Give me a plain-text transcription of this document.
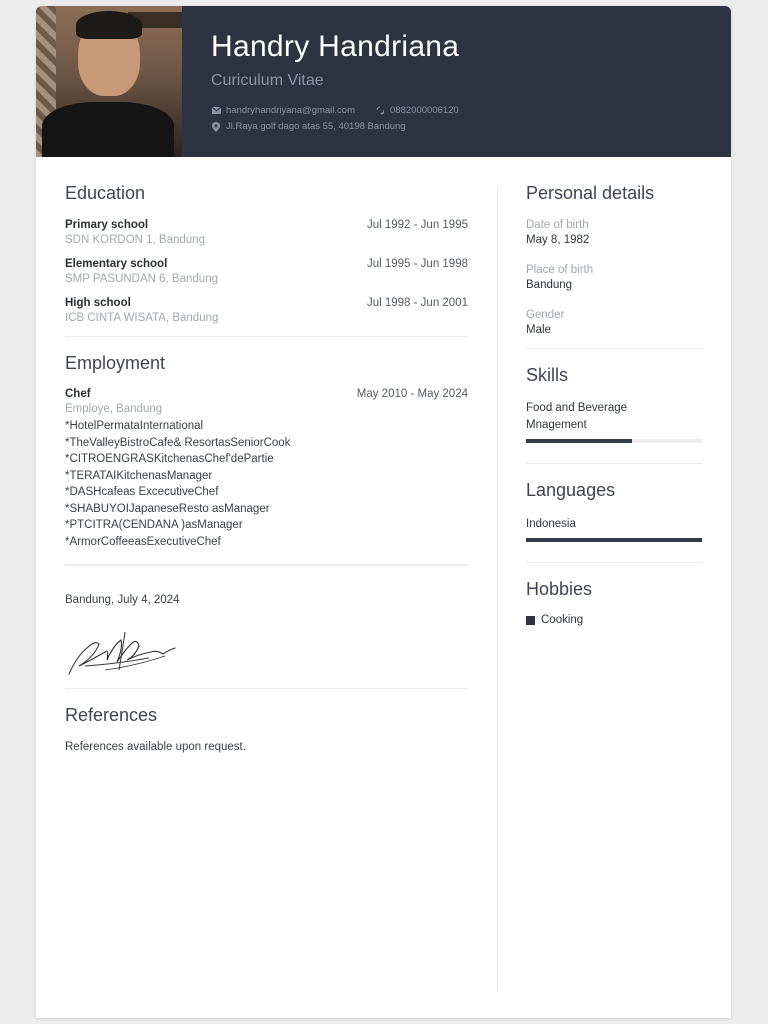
Handry Handriana
Curiculum Vitae
handryhandriyana@gmail.com	0882000006120
Jl.Raya golf dago atas 55, 40198 Bandung
Education
Primary school	Jul 1992 - Jun 1995
SDN KORDON 1, Bandung
Elementary school	Jul 1995 - Jun 1998
SMP PASUNDAN 6, Bandung
High school	Jul 1998 - Jun 2001
ICB CINTA WISATA, Bandung
Employment
Chef	May 2010 - May 2024
Employe, Bandung
*HotelPermataInternational
*TheValleyBistroCafe& ResortasSeniorCook
*CITROENGRASKitchenasChef'dePartie
*TERATAIKitchenasManager
*DASHcafeas ExcecutiveChef
*SHABUYOIJapaneseResto asManager
*PTCITRA(CENDANA )asManager
*ArmorCoffeeasExecutiveChef
Bandung, July 4, 2024
References
References available upon request.
Personal details
Date of birth
May 8, 1982
Place of birth
Bandung
Gender
Male
Skills
Food and Beverage
Mnagement
Languages
Indonesia
Hobbies
Cooking
